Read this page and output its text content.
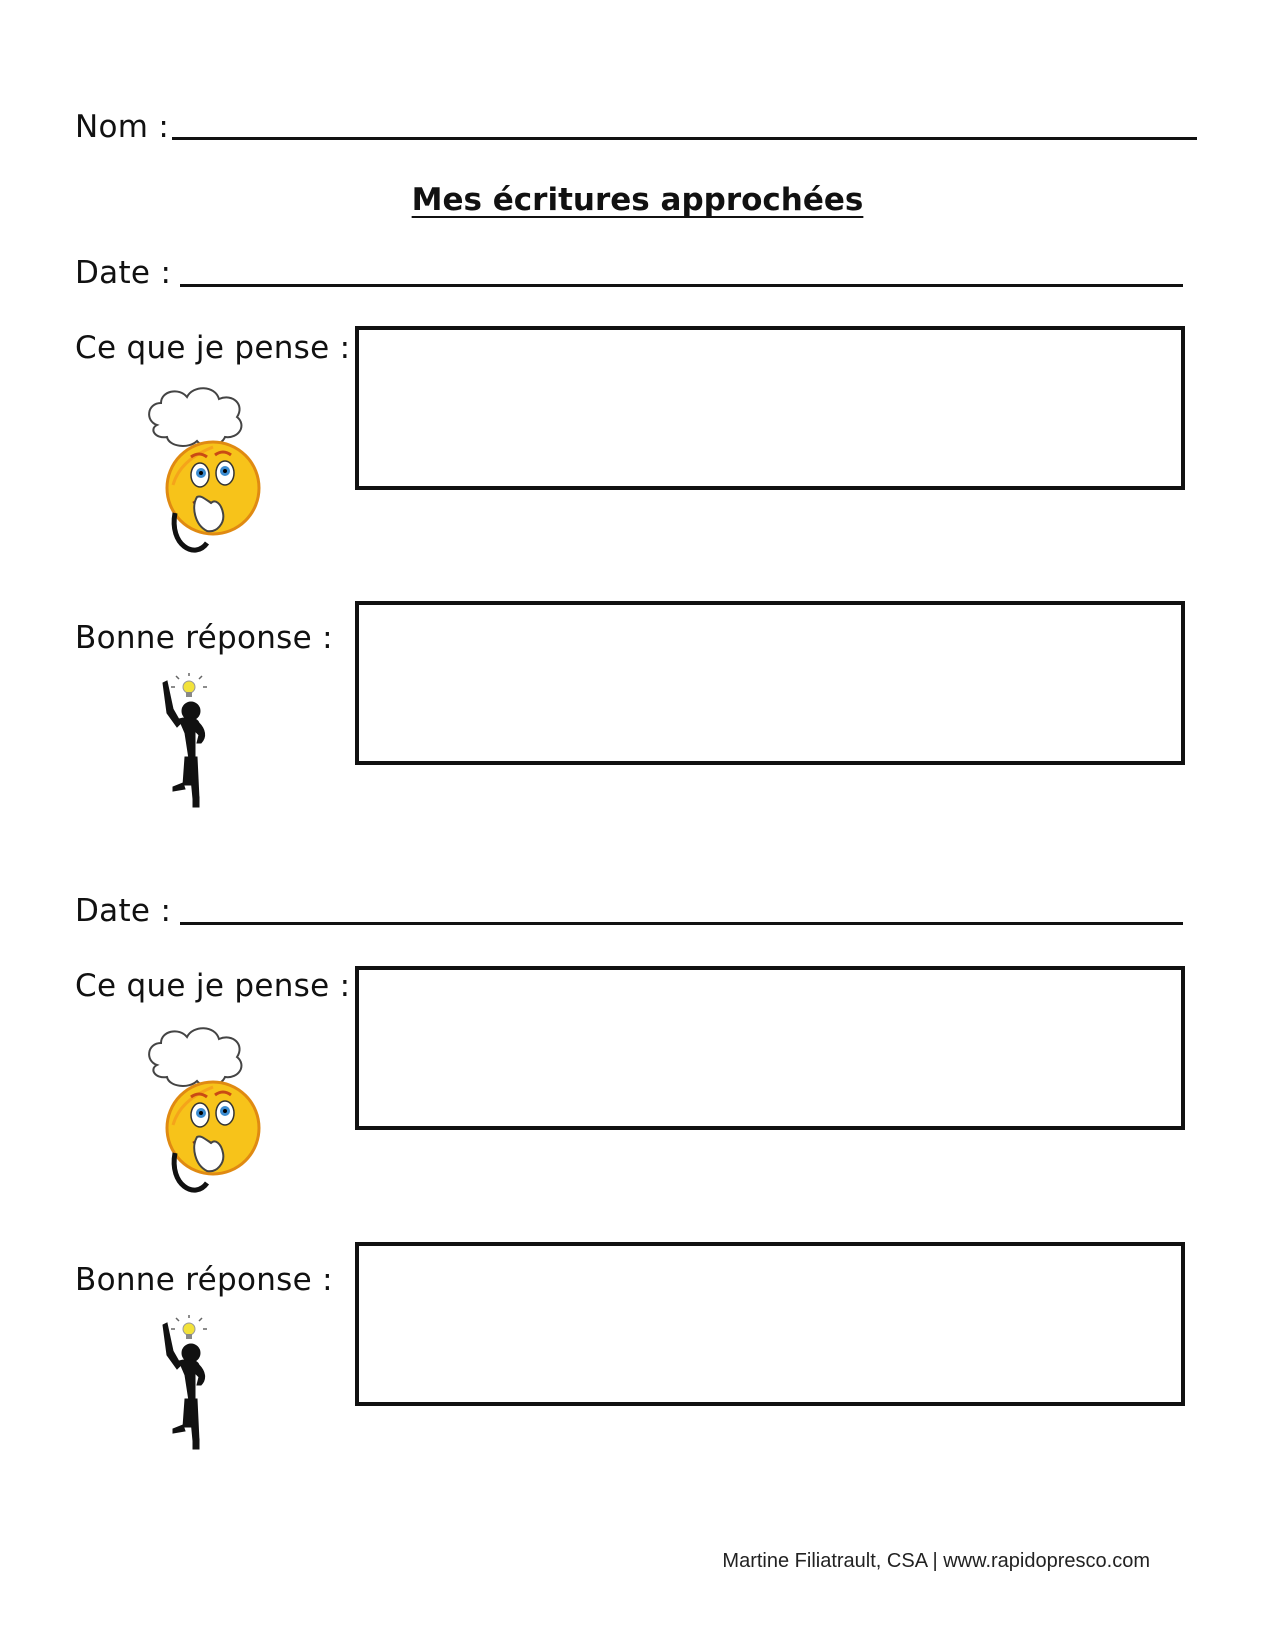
Nom :
Mes écritures approchées
Date :
Ce que je pense :
Bonne réponse :
Date :
Ce que je pense :
Bonne réponse :
Martine Filiatrault, CSA | www.rapidopresco.com
